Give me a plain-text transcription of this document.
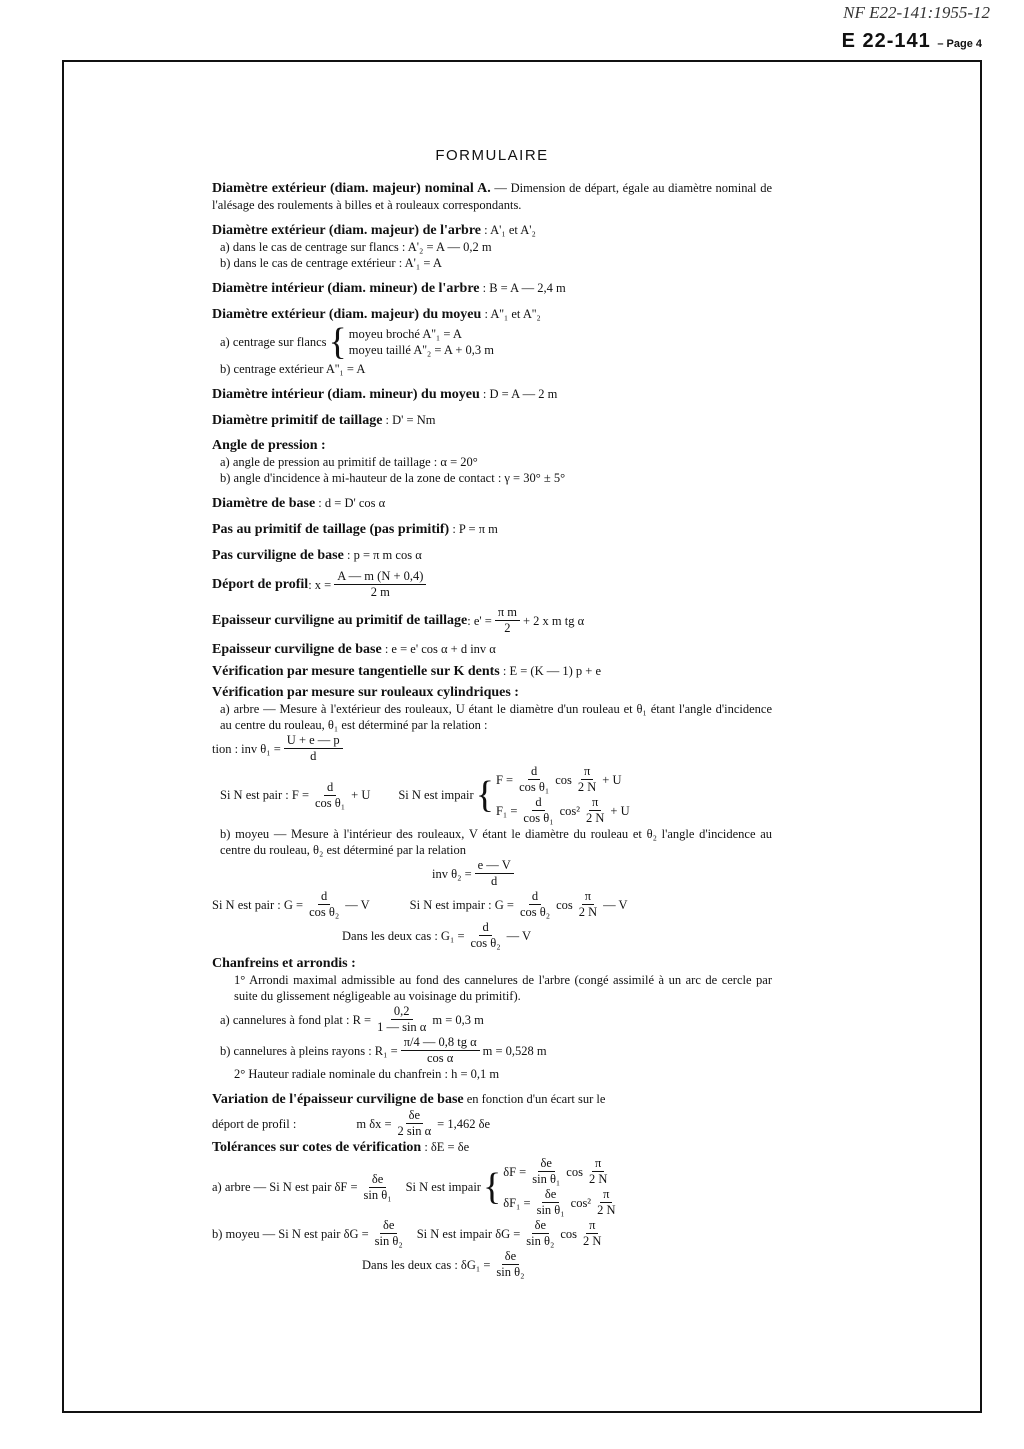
NF E22-141:1955-12
E 22-141 – Page 4
FORMULAIRE

Diamètre extérieur (diam. majeur) nominal A. — Dimension de départ, égale au diamètre nominal de l'alésage des roulements à billes et à rouleaux correspondants.

Diamètre extérieur (diam. majeur) de l'arbre : A'₁ et A'₂

a) dans le cas de centrage sur flancs : A'₂ = A — 0,2 m

b) dans le cas de centrage extérieur : A'₁ = A

Diamètre intérieur (diam. mineur) de l'arbre : B = A — 2,4 m

Diamètre extérieur (diam. majeur) du moyeu : A''₁ et A''₂

a) centrage sur flancs { moyeu broché A''₁ = A
moyeu taillé A''₂ = A + 0,3 m

b) centrage extérieur A''₁ = A

Diamètre intérieur (diam. mineur) du moyeu : D = A — 2 m

Diamètre primitif de taillage : D' = Nm

Angle de pression :

a) angle de pression au primitif de taillage : α = 20°

b) angle d'incidence à mi-hauteur de la zone de contact : γ = 30° ± 5°

Diamètre de base : d = D' cos α

Pas au primitif de taillage (pas primitif) : P = π m

Pas curviligne de base : p = π m cos α

Déport de profil : $x = \frac{A — m (N + 0,4)}{2 m}$
Epaisseur curviligne au primitif de taillage : $e' = \frac{\text{π m}}{2} + 2$ x m tg α

Epaisseur curviligne de base : e = e' cos α + d inv α

Vérification par mesure tangentielle sur K dents : E = (K — 1) p + e

Vérification par mesure sur rouleaux cylindriques :

a) arbre — Mesure à l'extérieur des rouleaux, U étant le diamètre d'un rouleau et θ₁ étant l'angle d'incidence au centre du rouleau, θ₁ est déterminé par la relation :

tion : inv $\theta_1 = \frac{U + e — p}{d}$
Si N est pair : $F = \frac{d}{\text{cos θ₁}} + U$ Si N est impair { $F = \frac{d}{\text{cos θ₁}}$ $\cos \frac{\pi}{2 N} + U$
$F_1 = \frac{d}{\text{cos θ₁}} \cos^2 \frac{\pi}{2 N} + U$

b) moyeu — Mesure à l'intérieur des rouleaux, V étant le diamètre du rouleau et θ₂ l'angle d'incidence au centre du rouleau, θ₂ est déterminé par la relation

inv $\theta_2 = \frac{e — V}{d}$
Si N est pair : $G = \frac{d}{\text{cos θ₂}}$ — V	Si N est impair : $G = \frac{d}{\text{cos θ₂}}$ $\cos \frac{\pi}{2 N}$ — V
Dans les deux cas : $G_1 = \frac{d}{\text{cos θ₂}}$ — V

Chanfreins et arrondis :

1° Arrondi maximal admissible au fond des cannelures de l'arbre (congé assimilé à un arc de cercle par suite du glissement négligeable au voisinage du primitif).

a) cannelures à fond plat : $R = \frac{0,2}{\text{1 — sin α}}$ m = 0,3 m
b) cannelures à pleins rayons : $R_1 = \frac{\text{π/4 — 0,8 tg α}}{\text{cos α}}$ m = 0,528 m

2° Hauteur radiale nominale du chanfrein : h = 0,1 m

Variation de l'épaisseur curviligne de base en fonction d'un écart sur le

déport de profil :	m $\delta x = \frac{\delta e}{\text{2 sin α}} = 1,462$ δe

Tolérances sur cotes de vérification : δE = δe

a) arbre — Si N est pair $\delta F = \frac{\delta e}{\text{sin θ₁}}$ Si N est impair { $\delta F = \frac{\delta e}{\text{sin θ₁}}$ $\cos \frac{\pi}{2 N}$
$\delta F_1 = \frac{\delta e}{\text{sin θ₁}} \cos^2 \frac{\pi}{2 N}$
b) moyeu — Si N est pair $\delta G = \frac{\delta e}{\text{sin θ₂}}$ Si N est impair $\delta G = \frac{\delta e}{\text{sin θ₂}}$ $\cos \frac{\pi}{2 N}$
Dans les deux cas : $\delta G_1 = \frac{\delta e}{\text{sin θ₂}}$
